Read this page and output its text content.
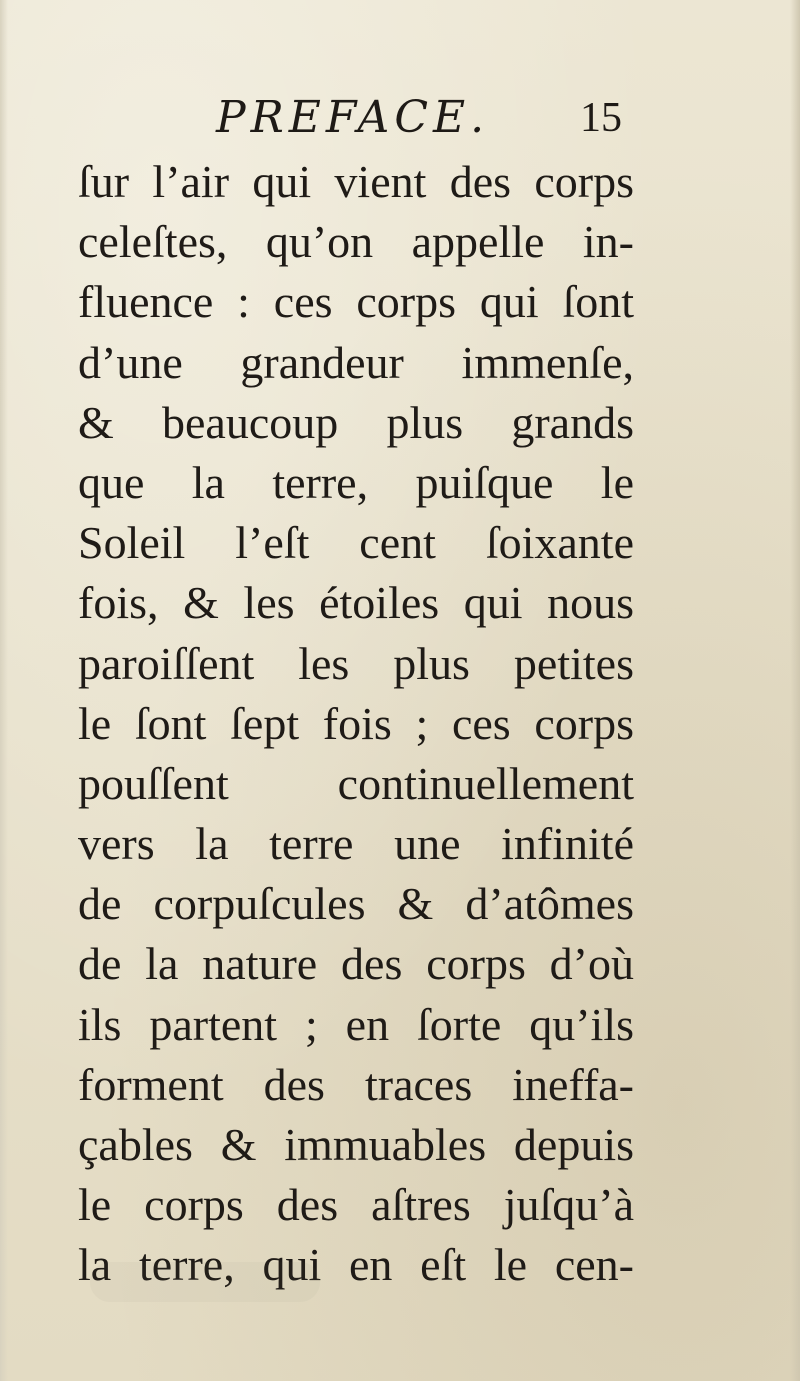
PREFACE. 15
ſur l’air qui vient des corps
celeſtes, qu’on appelle in-
fluence : ces corps qui ſont
d’une grandeur immenſe,
& beaucoup plus grands
que la terre, puiſque le
Soleil l’eſt cent ſoixante
fois, & les étoiles qui nous
paroiſſent les plus petites
le ſont ſept fois ; ces corps
pouſſent continuellement
vers la terre une infinité
de corpuſcules & d’atômes
de la nature des corps d’où
ils partent ; en ſorte qu’ils
forment des traces ineffa-
çables & immuables depuis
le corps des aſtres juſqu’à
la terre, qui en eſt le cen-
